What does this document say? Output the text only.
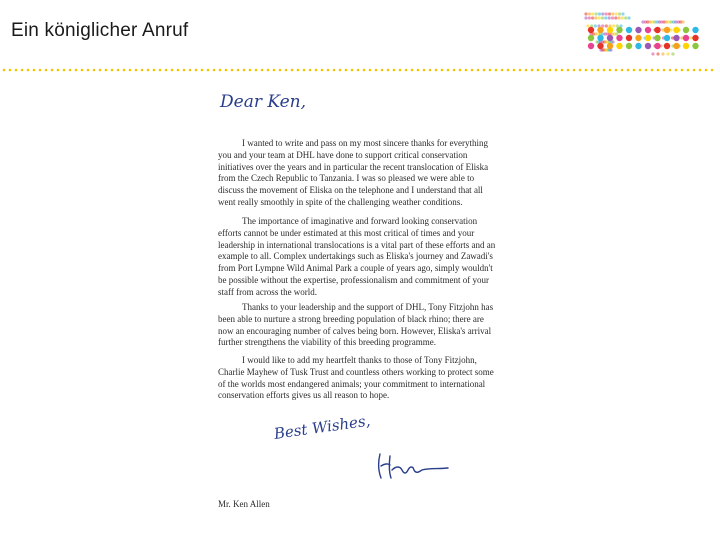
Ein königlicher Anruf
Dear Ken,

I wanted to write and pass on my most sincere thanks for everything you and your team at DHL have done to support critical conservation initiatives over the years and in particular the recent translocation of Eliska from the Czech Republic to Tanzania. I was so pleased we were able to discuss the movement of Eliska on the telephone and I understand that all went really smoothly in spite of the challenging weather conditions.

The importance of imaginative and forward looking conservation efforts cannot be under estimated at this most critical of times and your leadership in international translocations is a vital part of these efforts and an example to all. Complex undertakings such as Eliska's journey and Zawadi's from Port Lympne Wild Animal Park a couple of years ago, simply wouldn't be possible without the expertise, professionalism and commitment of your staff from across the world.

Thanks to your leadership and the support of DHL, Tony Fitzjohn has been able to nurture a strong breeding population of black rhino; there are now an encouraging number of calves being born. However, Eliska's arrival further strengthens the viability of this breeding programme.

I would like to add my heartfelt thanks to those of Tony Fitzjohn, Charlie Mayhew of Tusk Trust and countless others working to protect some of the worlds most endangered animals; your commitment to international conservation efforts gives us all reason to hope.

Best Wishes,
Mr. Ken Allen
